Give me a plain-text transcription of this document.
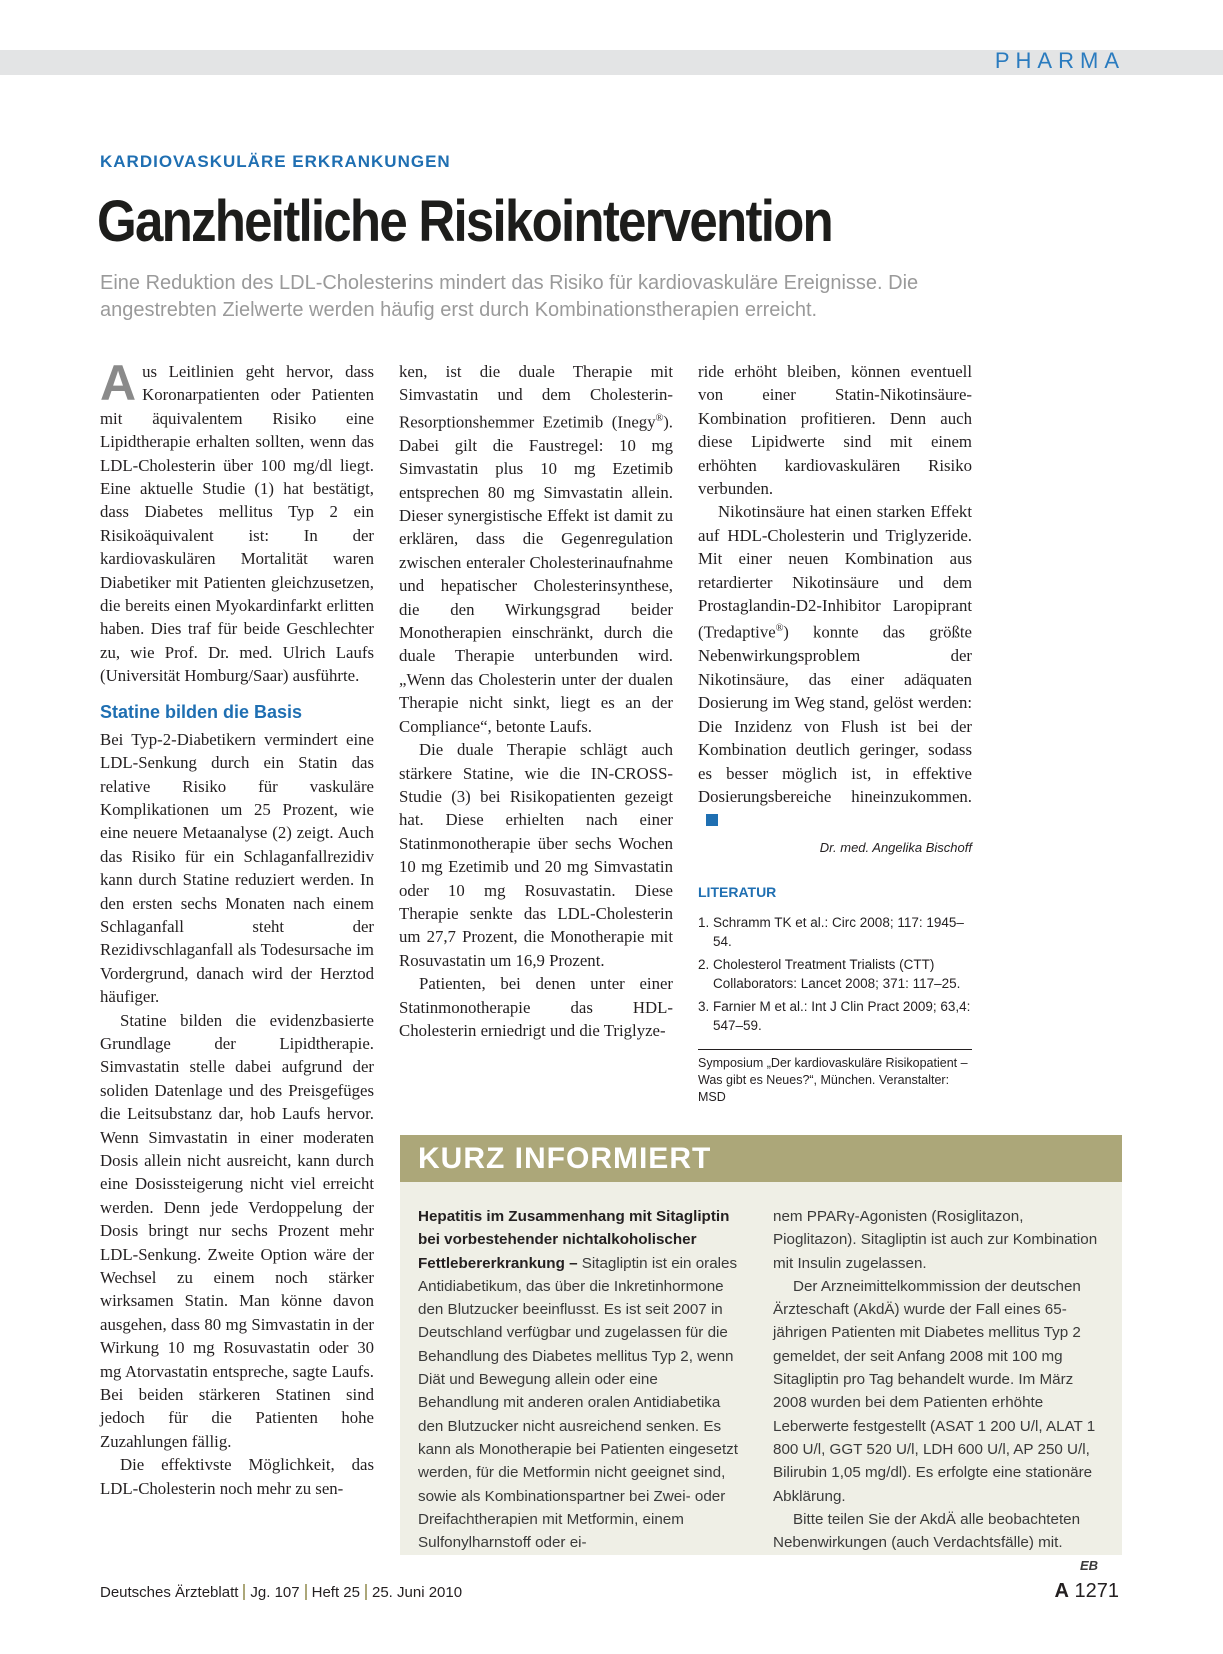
PHARMA
KARDIOVASKULÄRE ERKRANKUNGEN
Ganzheitliche Risikointervention
Eine Reduktion des LDL-Cholesterins mindert das Risiko für kardiovaskuläre Ereignisse. Die angestrebten Zielwerte werden häufig erst durch Kombinationstherapien erreicht.

Aus Leitlinien geht hervor, dass Koronarpatienten oder Patienten mit äquivalentem Risiko eine Lipidtherapie erhalten sollten, wenn das LDL-Cholesterin über 100 mg/dl liegt. Eine aktuelle Studie (1) hat bestätigt, dass Diabetes mellitus Typ 2 ein Risikoäquivalent ist: In der kardiovaskulären Mortalität waren Diabetiker mit Patienten gleichzusetzen, die bereits einen Myokardinfarkt erlitten haben. Dies traf für beide Geschlechter zu, wie Prof. Dr. med. Ulrich Laufs (Universität Homburg/Saar) ausführte.

Statine bilden die Basis

Bei Typ-2-Diabetikern vermindert eine LDL-Senkung durch ein Statin das relative Risiko für vaskuläre Komplikationen um 25 Prozent, wie eine neuere Metaanalyse (2) zeigt. Auch das Risiko für ein Schlaganfallrezidiv kann durch Statine reduziert werden. In den ersten sechs Monaten nach einem Schlaganfall steht der Rezidivschlaganfall als Todesursache im Vordergrund, danach wird der Herztod häufiger.

Statine bilden die evidenzbasierte Grundlage der Lipidtherapie. Simvastatin stelle dabei aufgrund der soliden Datenlage und des Preisgefüges die Leitsubstanz dar, hob Laufs hervor. Wenn Simvastatin in einer moderaten Dosis allein nicht ausreicht, kann durch eine Dosissteigerung nicht viel erreicht werden. Denn jede Verdoppelung der Dosis bringt nur sechs Prozent mehr LDL-Senkung. Zweite Option wäre der Wechsel zu einem noch stärker wirksamen Statin. Man könne davon ausgehen, dass 80 mg Simvastatin in der Wirkung 10 mg Rosuvastatin oder 30 mg Atorvastatin entspreche, sagte Laufs. Bei beiden stärkeren Statinen sind jedoch für die Patienten hohe Zuzahlungen fällig.

Die effektivste Möglichkeit, das LDL-Cholesterin noch mehr zu sen-

ken, ist die duale Therapie mit Simvastatin und dem Cholesterin-Resorptionshemmer Ezetimib (Inegy®). Dabei gilt die Faustregel: 10 mg Simvastatin plus 10 mg Ezetimib entsprechen 80 mg Simvastatin allein. Dieser synergistische Effekt ist damit zu erklären, dass die Gegenregulation zwischen enteraler Cholesterinaufnahme und hepatischer Cholesterinsynthese, die den Wirkungsgrad beider Monotherapien einschränkt, durch die duale Therapie unterbunden wird. „Wenn das Cholesterin unter der dualen Therapie nicht sinkt, liegt es an der Compliance“, betonte Laufs.

Die duale Therapie schlägt auch stärkere Statine, wie die IN-CROSS-Studie (3) bei Risikopatienten gezeigt hat. Diese erhielten nach einer Statinmonotherapie über sechs Wochen 10 mg Ezetimib und 20 mg Simvastatin oder 10 mg Rosuvastatin. Diese Therapie senkte das LDL-Cholesterin um 27,7 Prozent, die Monotherapie mit Rosuvastatin um 16,9 Prozent.

Patienten, bei denen unter einer Statinmonotherapie das HDL-Cholesterin erniedrigt und die Triglyze-

ride erhöht bleiben, können eventuell von einer Statin-Nikotinsäure-Kombination profitieren. Denn auch diese Lipidwerte sind mit einem erhöhten kardiovaskulären Risiko verbunden.

Nikotinsäure hat einen starken Effekt auf HDL-Cholesterin und Triglyzeride. Mit einer neuen Kombination aus retardierter Nikotinsäure und dem Prostaglandin-D2-Inhibitor Laropiprant (Tredaptive®) konnte das größte Nebenwirkungsproblem der Nikotinsäure, das einer adäquaten Dosierung im Weg stand, gelöst werden: Die Inzidenz von Flush ist bei der Kombination deutlich geringer, sodass es besser möglich ist, in effektive Dosierungsbereiche hineinzukommen.

Dr. med. Angelika Bischoff
LITERATUR
1. Schramm TK et al.: Circ 2008; 117: 1945–54.
2. Cholesterol Treatment Trialists (CTT) Collaborators: Lancet 2008; 371: 117–25.
3. Farnier M et al.: Int J Clin Pract 2009; 63,4: 547–59.
Symposium „Der kardiovaskuläre Risikopatient – Was gibt es Neues?“, München. Veranstalter: MSD
KURZ INFORMIERT

Hepatitis im Zusammenhang mit Sitagliptin bei vorbestehender nichtalkoholischer Fettlebererkrankung – Sitagliptin ist ein orales Antidiabetikum, das über die Inkretinhormone den Blutzucker beeinflusst. Es ist seit 2007 in Deutschland verfügbar und zugelassen für die Behandlung des Diabetes mellitus Typ 2, wenn Diät und Bewegung allein oder eine Behandlung mit anderen oralen Antidiabetika den Blutzucker nicht ausreichend senken. Es kann als Monotherapie bei Patienten eingesetzt werden, für die Metformin nicht geeignet sind, sowie als Kombinationspartner bei Zwei- oder Dreifachtherapien mit Metformin, einem Sulfonylharnstoff oder ei-

nem PPARγ-Agonisten (Rosiglitazon, Pioglitazon). Sitagliptin ist auch zur Kombination mit Insulin zugelassen.

Der Arzneimittelkommission der deutschen Ärzteschaft (AkdÄ) wurde der Fall eines 65-jährigen Patienten mit Diabetes mellitus Typ 2 gemeldet, der seit Anfang 2008 mit 100 mg Sitagliptin pro Tag behandelt wurde. Im März 2008 wurden bei dem Patienten erhöhte Leberwerte festgestellt (ASAT 1 200 U/l, ALAT 1 800 U/l, GGT 520 U/l, LDH 600 U/l, AP 250 U/l, Bilirubin 1,05 mg/dl). Es erfolgte eine stationäre Abklärung.

Bitte teilen Sie der AkdÄ alle beobachteten Nebenwirkungen (auch Verdachtsfälle) mit.
EB

Deutsches Ärzteblatt Jg. 107 Heft 25 25. Juni 2010	A 1271
